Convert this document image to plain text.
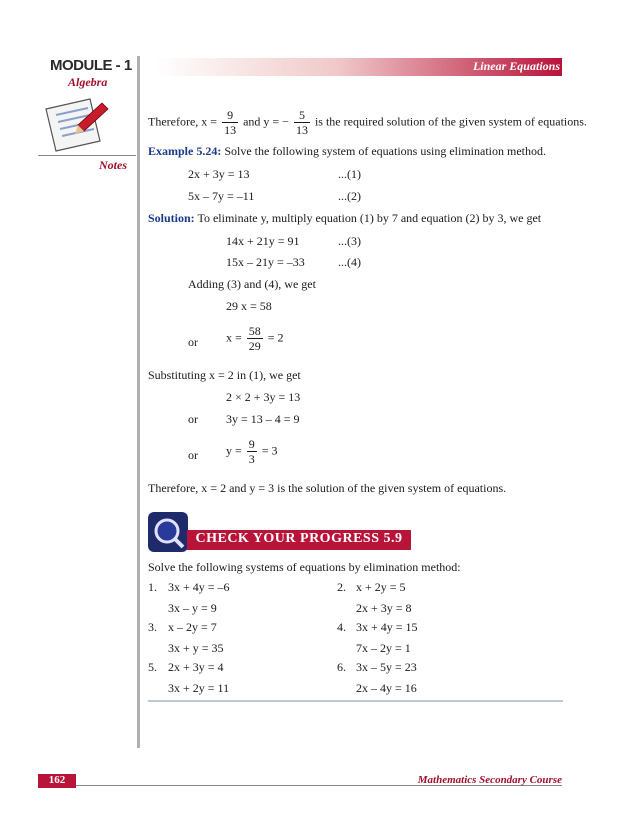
MODULE - 1
Algebra
Linear Equations
Notes
Therefore, $x = \frac{9}{13}$ and y = − $\frac{5}{13}$ is the required solution of the given system of equations.
Example 5.24: Solve the following system of equations using elimination method.
2x + 3y = 13	...(1)
5x – 7y = –11	...(2)
Solution: To eliminate y, multiply equation (1) by 7 and equation (2) by 3, we get
14x + 21y = 91	...(3)
15x – 21y = –33	...(4)
Adding (3) and (4), we get
29 x = 58
or $x = \frac{58}{29} = 2$
Substituting x = 2 in (1), we get
2 × 2 + 3y = 13
or 3y = 13 – 4 = 9
or $y = \frac{9}{3} = 3$
Therefore, x = 2 and y = 3 is the solution of the given system of equations.
CHECK YOUR PROGRESS 5.9
Solve the following systems of equations by elimination method:
1. 3x + 4y = –6
3x – y = 9
2. x + 2y = 5
2x + 3y = 8
3. x – 2y = 7
3x + y = 35
4. 3x + 4y = 15
7x – 2y = 1
5. 2x + 3y = 4
3x + 2y = 11
6. 3x – 5y = 23
2x – 4y = 16
162	Mathematics Secondary Course
